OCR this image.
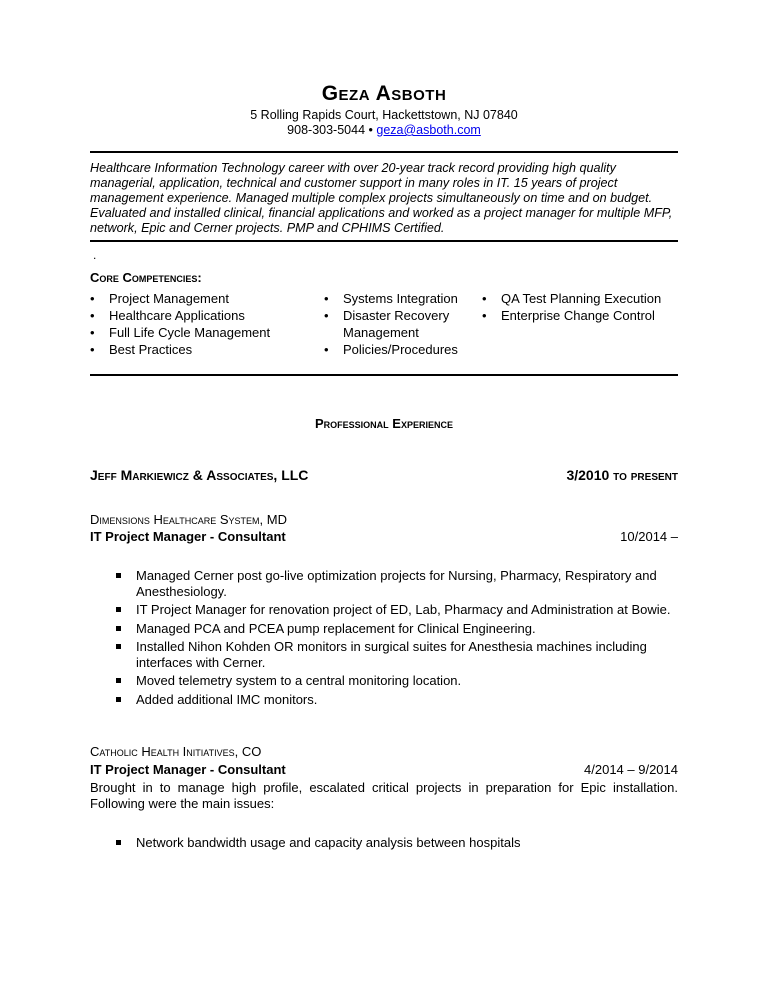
Geza Asboth
5 Rolling Rapids Court, Hackettstown, NJ 07840
908-303-5044 • geza@asboth.com
Healthcare Information Technology career with over 20-year track record providing high quality managerial, application, technical and customer support in many roles in IT. 15 years of project management experience. Managed multiple complex projects simultaneously on time and on budget. Evaluated and installed clinical, financial applications and worked as a project manager for multiple MFP, network, Epic and Cerner projects. PMP and CPHIMS Certified.
.
Core Competencies:
• Project Management
• Healthcare Applications
• Full Life Cycle Management
• Best Practices
• Systems Integration
• Disaster Recovery Management
• Policies/Procedures
• QA Test Planning Execution
• Enterprise Change Control
Professional Experience
Jeff Markiewicz & Associates, LLC	3/2010 to present
Dimensions Healthcare System, MD
IT Project Manager - Consultant	10/2014 –
Managed Cerner post go-live optimization projects for Nursing, Pharmacy, Respiratory and Anesthesiology.
IT Project Manager for renovation project of ED, Lab, Pharmacy and Administration at Bowie.
Managed PCA and PCEA pump replacement for Clinical Engineering.
Installed Nihon Kohden OR monitors in surgical suites for Anesthesia machines including interfaces with Cerner.
Moved telemetry system to a central monitoring location.
Added additional IMC monitors.
Catholic Health Initiatives, CO
IT Project Manager - Consultant	4/2014 – 9/2014
Brought in to manage high profile, escalated critical projects in preparation for Epic installation. Following were the main issues:
Network bandwidth usage and capacity analysis between hospitals
